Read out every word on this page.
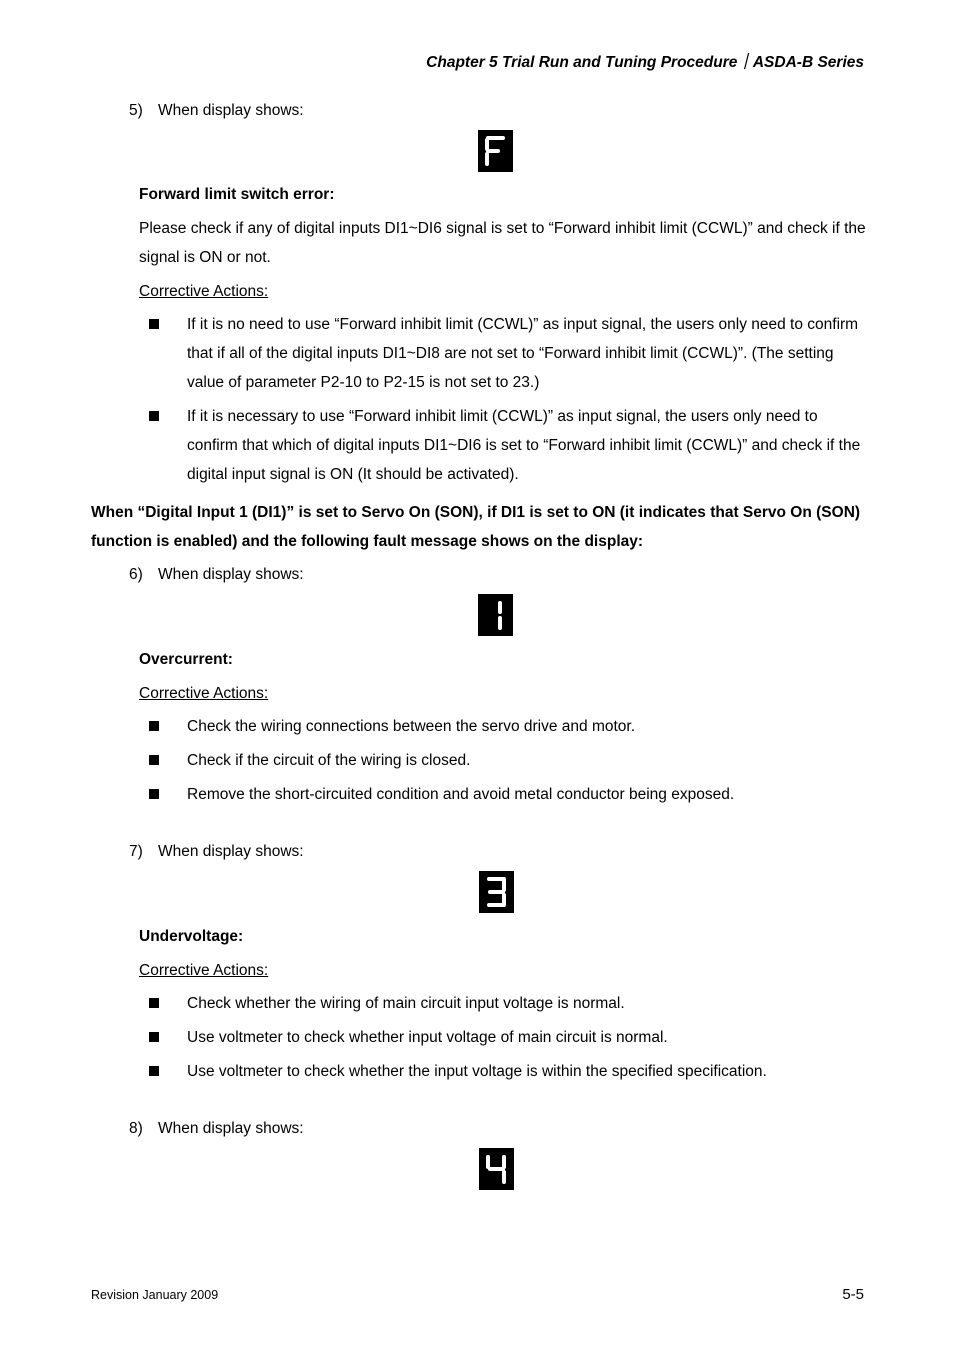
Chapter 5 Trial Run and Tuning Procedure｜ASDA-B Series
5) When display shows:
Forward limit switch error:
Please check if any of digital inputs DI1~DI6 signal is set to “Forward inhibit limit (CCWL)” and check if the signal is ON or not.
Corrective Actions:
If it is no need to use “Forward inhibit limit (CCWL)” as input signal, the users only need to confirm that if all of the digital inputs DI1~DI8 are not set to “Forward inhibit limit (CCWL)”. (The setting value of parameter P2-10 to P2-15 is not set to 23.)
If it is necessary to use “Forward inhibit limit (CCWL)” as input signal, the users only need to confirm that which of digital inputs DI1~DI6 is set to “Forward inhibit limit (CCWL)” and check if the digital input signal is ON (It should be activated).
When “Digital Input 1 (DI1)” is set to Servo On (SON), if DI1 is set to ON (it indicates that Servo On (SON) function is enabled) and the following fault message shows on the display:
6) When display shows:
Overcurrent:
Corrective Actions:
Check the wiring connections between the servo drive and motor.
Check if the circuit of the wiring is closed.
Remove the short-circuited condition and avoid metal conductor being exposed.
7) When display shows:
Undervoltage:
Corrective Actions:
Check whether the wiring of main circuit input voltage is normal.
Use voltmeter to check whether input voltage of main circuit is normal.
Use voltmeter to check whether the input voltage is within the specified specification.
8) When display shows:
Revision January 2009	5-5
